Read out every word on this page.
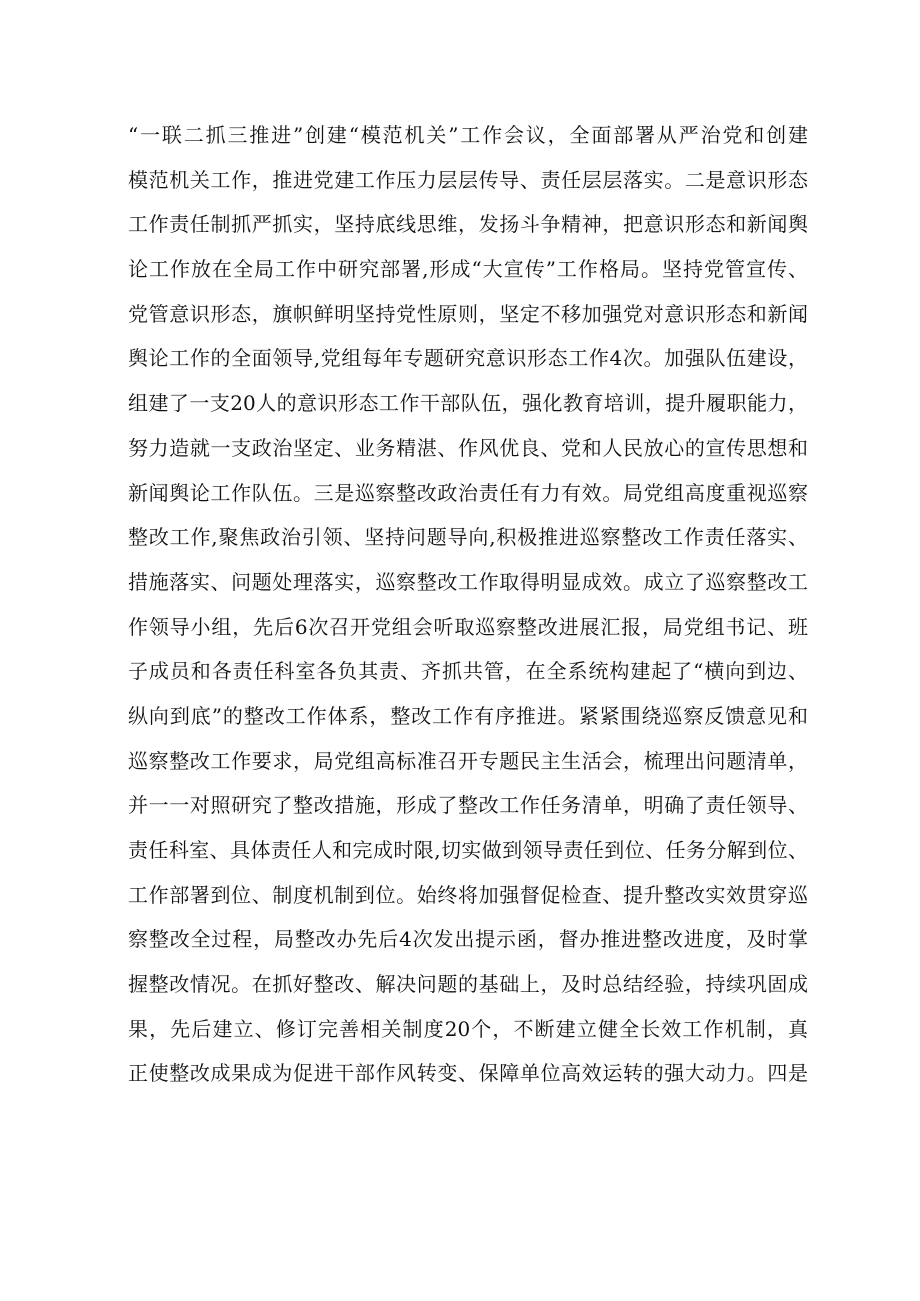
“一联二抓三推进”创建“模范机关”工作会议，全面部署从严治党和创建
模范机关工作，推进党建工作压力层层传导、责任层层落实。二是意识形态
工作责任制抓严抓实，坚持底线思维，发扬斗争精神，把意识形态和新闻舆
论工作放在全局工作中研究部署,形成“大宣传”工作格局。坚持党管宣传、
党管意识形态，旗帜鲜明坚持党性原则，坚定不移加强党对意识形态和新闻
舆论工作的全面领导,党组每年专题研究意识形态工作4次。加强队伍建设，
组建了一支20人的意识形态工作干部队伍，强化教育培训，提升履职能力，
努力造就一支政治坚定、业务精湛、作风优良、党和人民放心的宣传思想和
新闻舆论工作队伍。三是巡察整改政治责任有力有效。局党组高度重视巡察
整改工作,聚焦政治引领、坚持问题导向,积极推进巡察整改工作责任落实、
措施落实、问题处理落实，巡察整改工作取得明显成效。成立了巡察整改工
作领导小组，先后6次召开党组会听取巡察整改进展汇报，局党组书记、班
子成员和各责任科室各负其责、齐抓共管，在全系统构建起了“横向到边、
纵向到底”的整改工作体系，整改工作有序推进。紧紧围绕巡察反馈意见和
巡察整改工作要求，局党组高标准召开专题民主生活会，梳理出问题清单，
并一一对照研究了整改措施，形成了整改工作任务清单，明确了责任领导、
责任科室、具体责任人和完成时限,切实做到领导责任到位、任务分解到位、
工作部署到位、制度机制到位。始终将加强督促检查、提升整改实效贯穿巡
察整改全过程，局整改办先后4次发出提示函，督办推进整改进度，及时掌
握整改情况。在抓好整改、解决问题的基础上，及时总结经验，持续巩固成
果，先后建立、修订完善相关制度20个，不断建立健全长效工作机制，真
正使整改成果成为促进干部作风转变、保障单位高效运转的强大动力。四是
